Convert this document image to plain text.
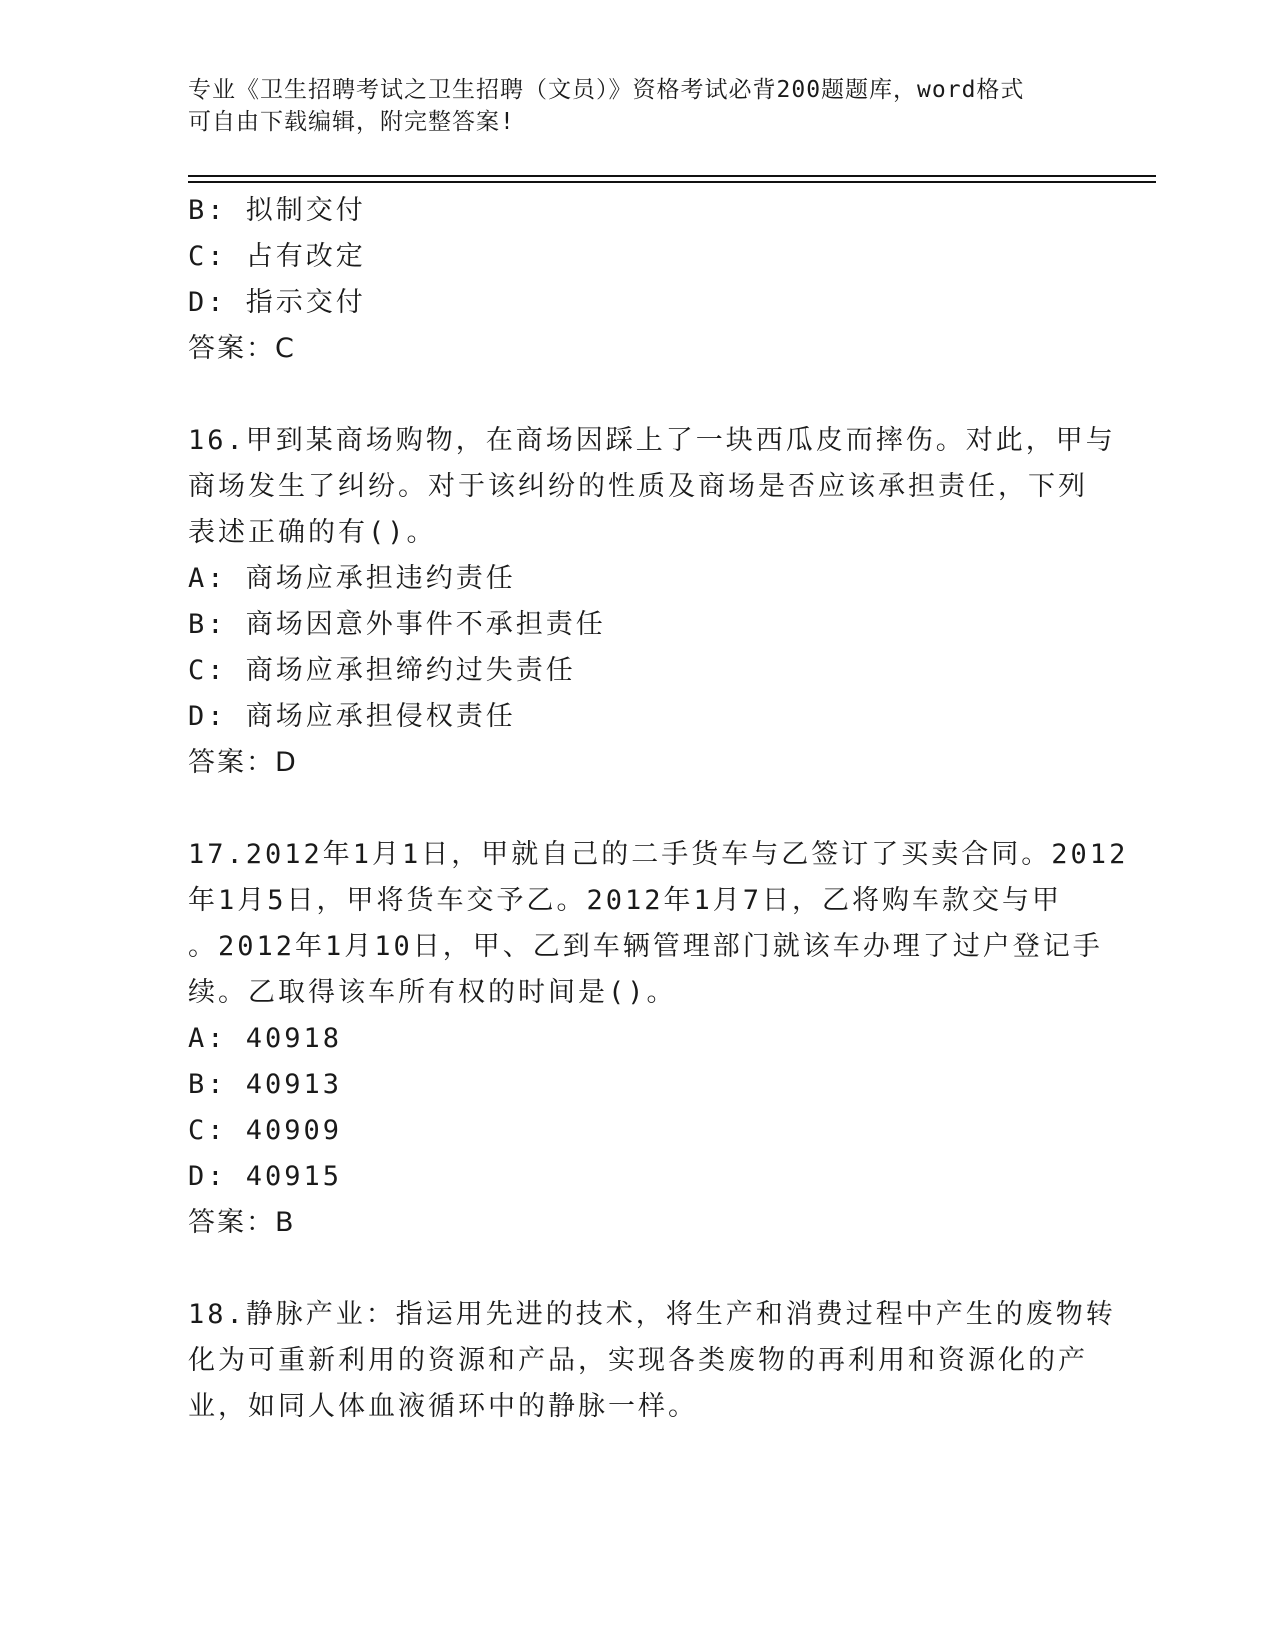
专业《卫生招聘考试之卫生招聘（文员）》资格考试必背200题题库，word格式

可自由下载编辑，附完整答案!

B: 拟制交付
C: 占有改定
D: 指示交付
答案：C
16.甲到某商场购物，在商场因踩上了一块西瓜皮而摔伤。对此，甲与
商场发生了纠纷。对于该纠纷的性质及商场是否应该承担责任，下列
表述正确的有()。
A: 商场应承担违约责任
B: 商场因意外事件不承担责任
C: 商场应承担缔约过失责任
D: 商场应承担侵权责任
答案：D
17.2012年1月1日，甲就自己的二手货车与乙签订了买卖合同。2012
年1月5日，甲将货车交予乙。2012年1月7日，乙将购车款交与甲
。2012年1月10日，甲、乙到车辆管理部门就该车办理了过户登记手
续。乙取得该车所有权的时间是()。
A: 40918
B: 40913
C: 40909
D: 40915
答案：B
18.静脉产业：指运用先进的技术，将生产和消费过程中产生的废物转
化为可重新利用的资源和产品，实现各类废物的再利用和资源化的产
业，如同人体血液循环中的静脉一样。
